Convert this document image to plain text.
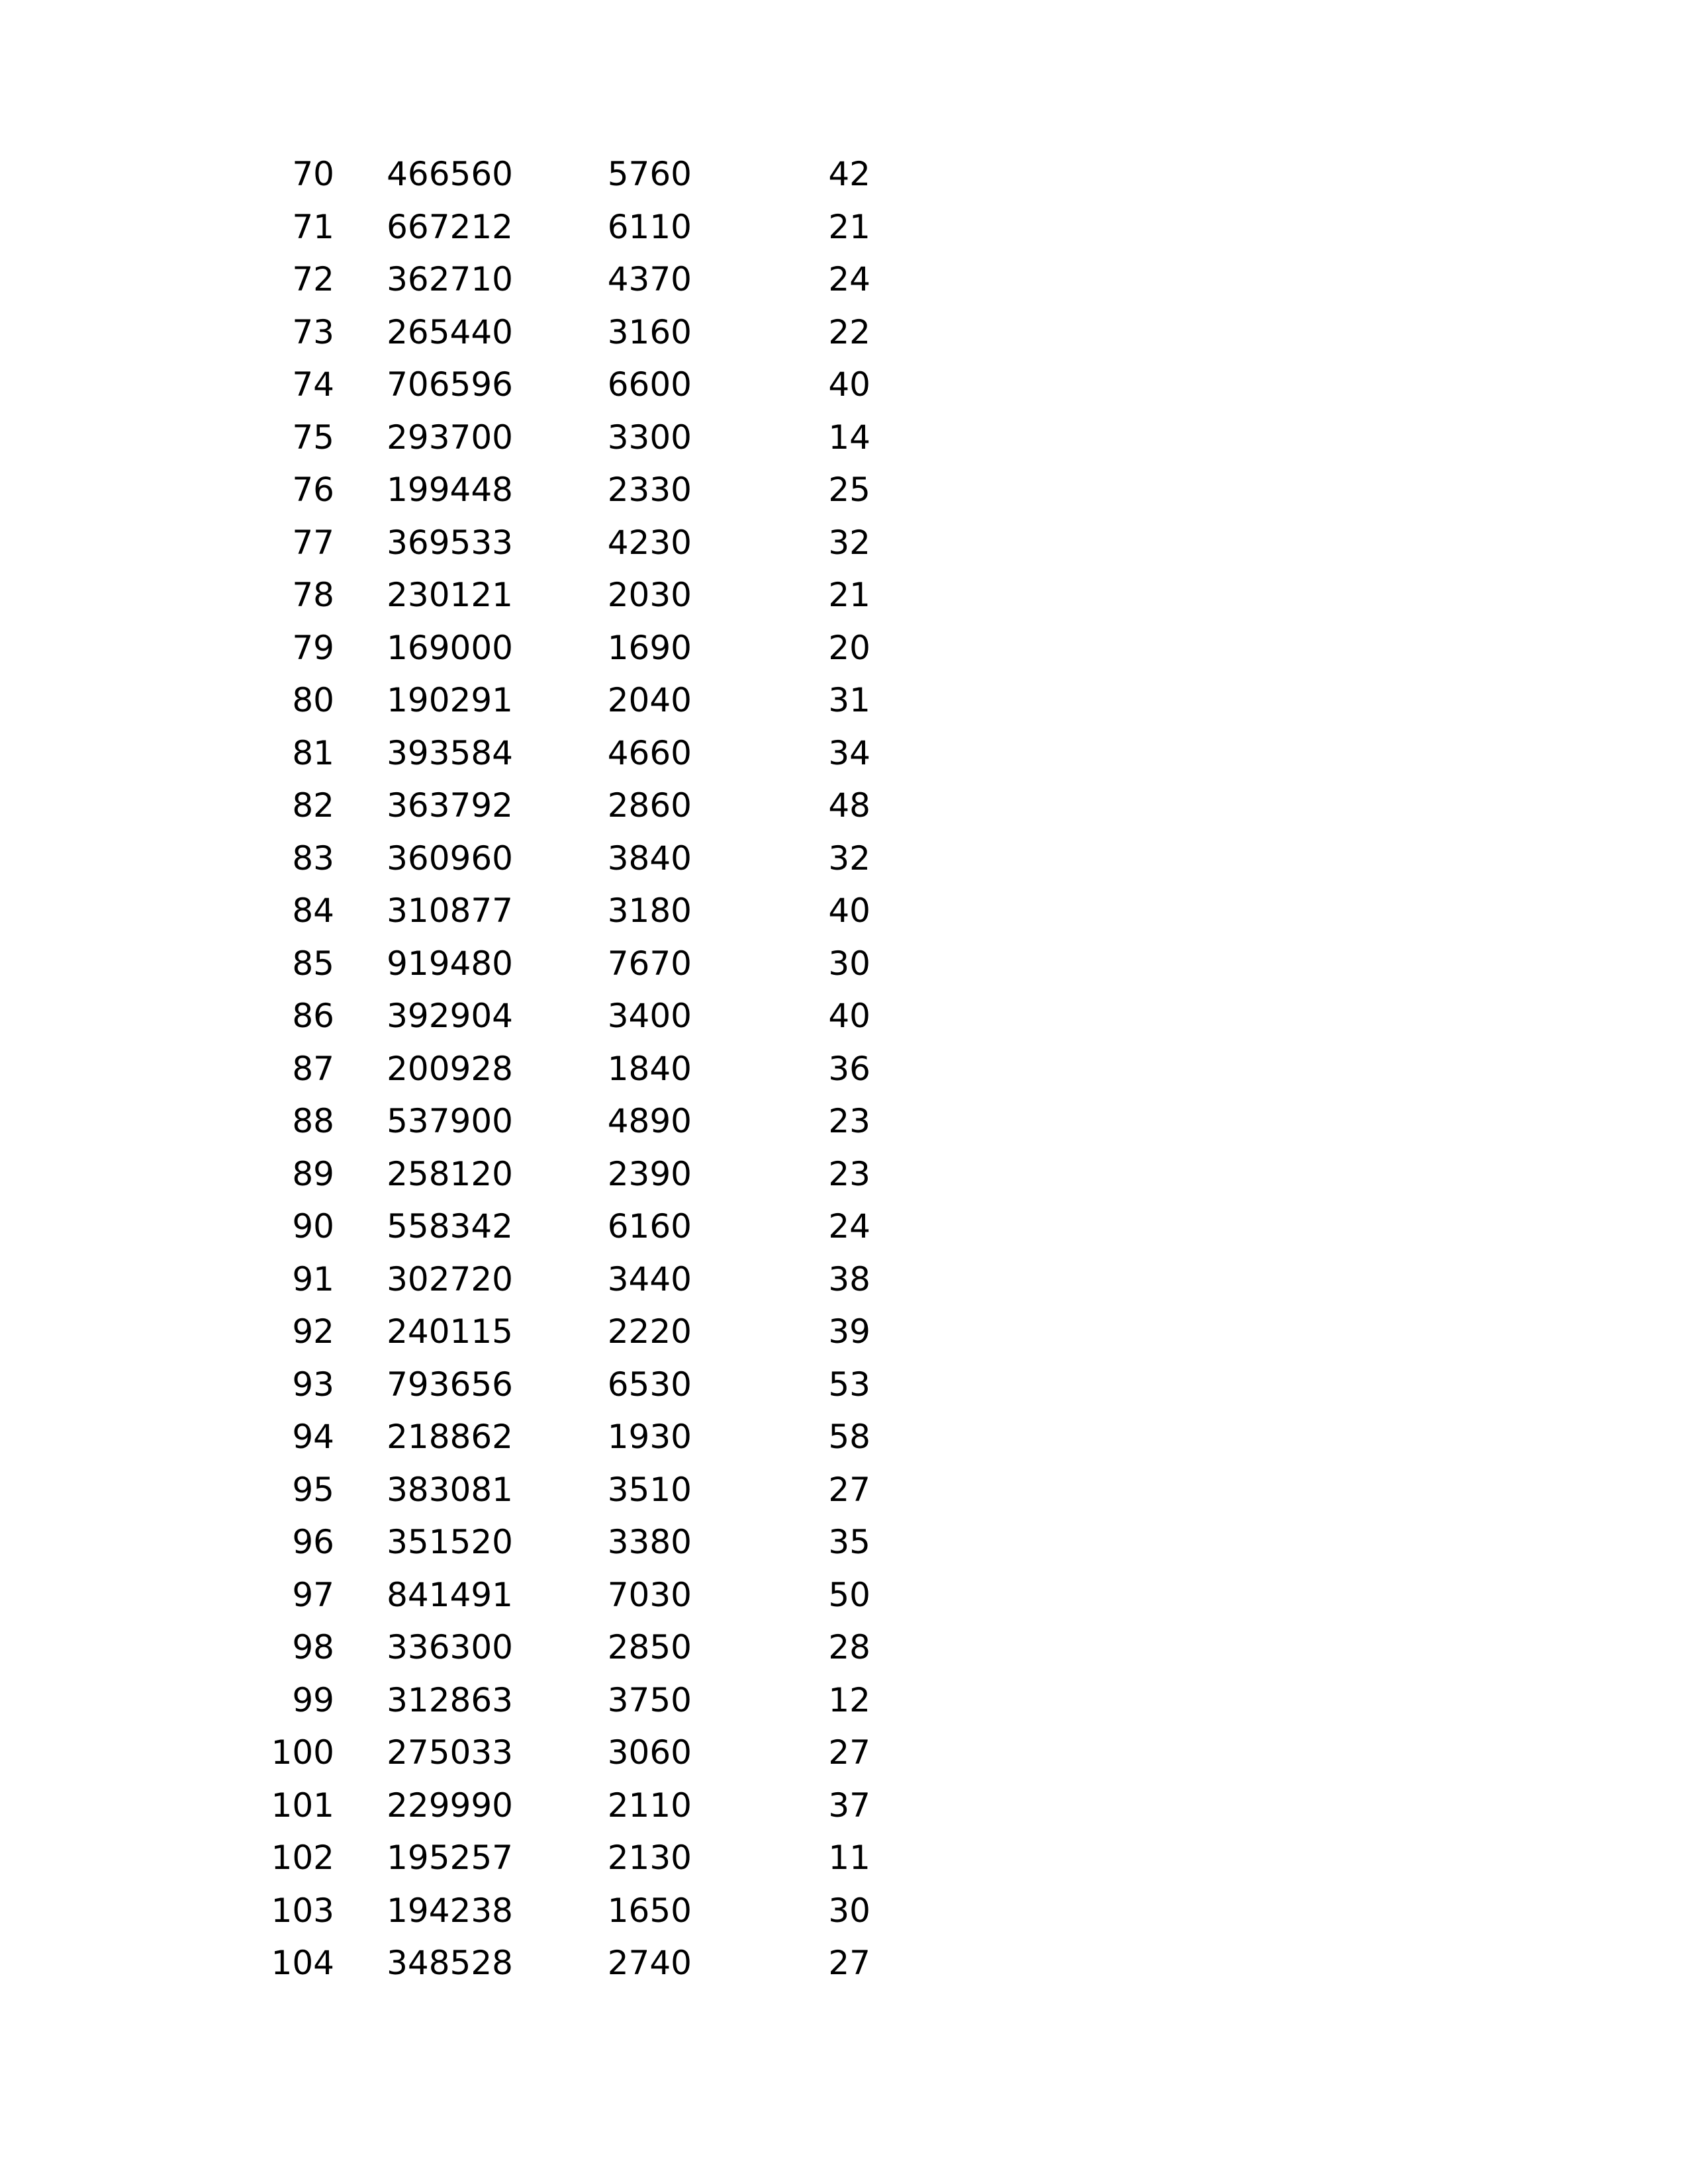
70	466560	5760	42
71	667212	6110	21
72	362710	4370	24
73	265440	3160	22
74	706596	6600	40
75	293700	3300	14
76	199448	2330	25
77	369533	4230	32
78	230121	2030	21
79	169000	1690	20
80	190291	2040	31
81	393584	4660	34
82	363792	2860	48
83	360960	3840	32
84	310877	3180	40
85	919480	7670	30
86	392904	3400	40
87	200928	1840	36
88	537900	4890	23
89	258120	2390	23
90	558342	6160	24
91	302720	3440	38
92	240115	2220	39
93	793656	6530	53
94	218862	1930	58
95	383081	3510	27
96	351520	3380	35
97	841491	7030	50
98	336300	2850	28
99	312863	3750	12
100	275033	3060	27
101	229990	2110	37
102	195257	2130	11
103	194238	1650	30
104	348528	2740	27
